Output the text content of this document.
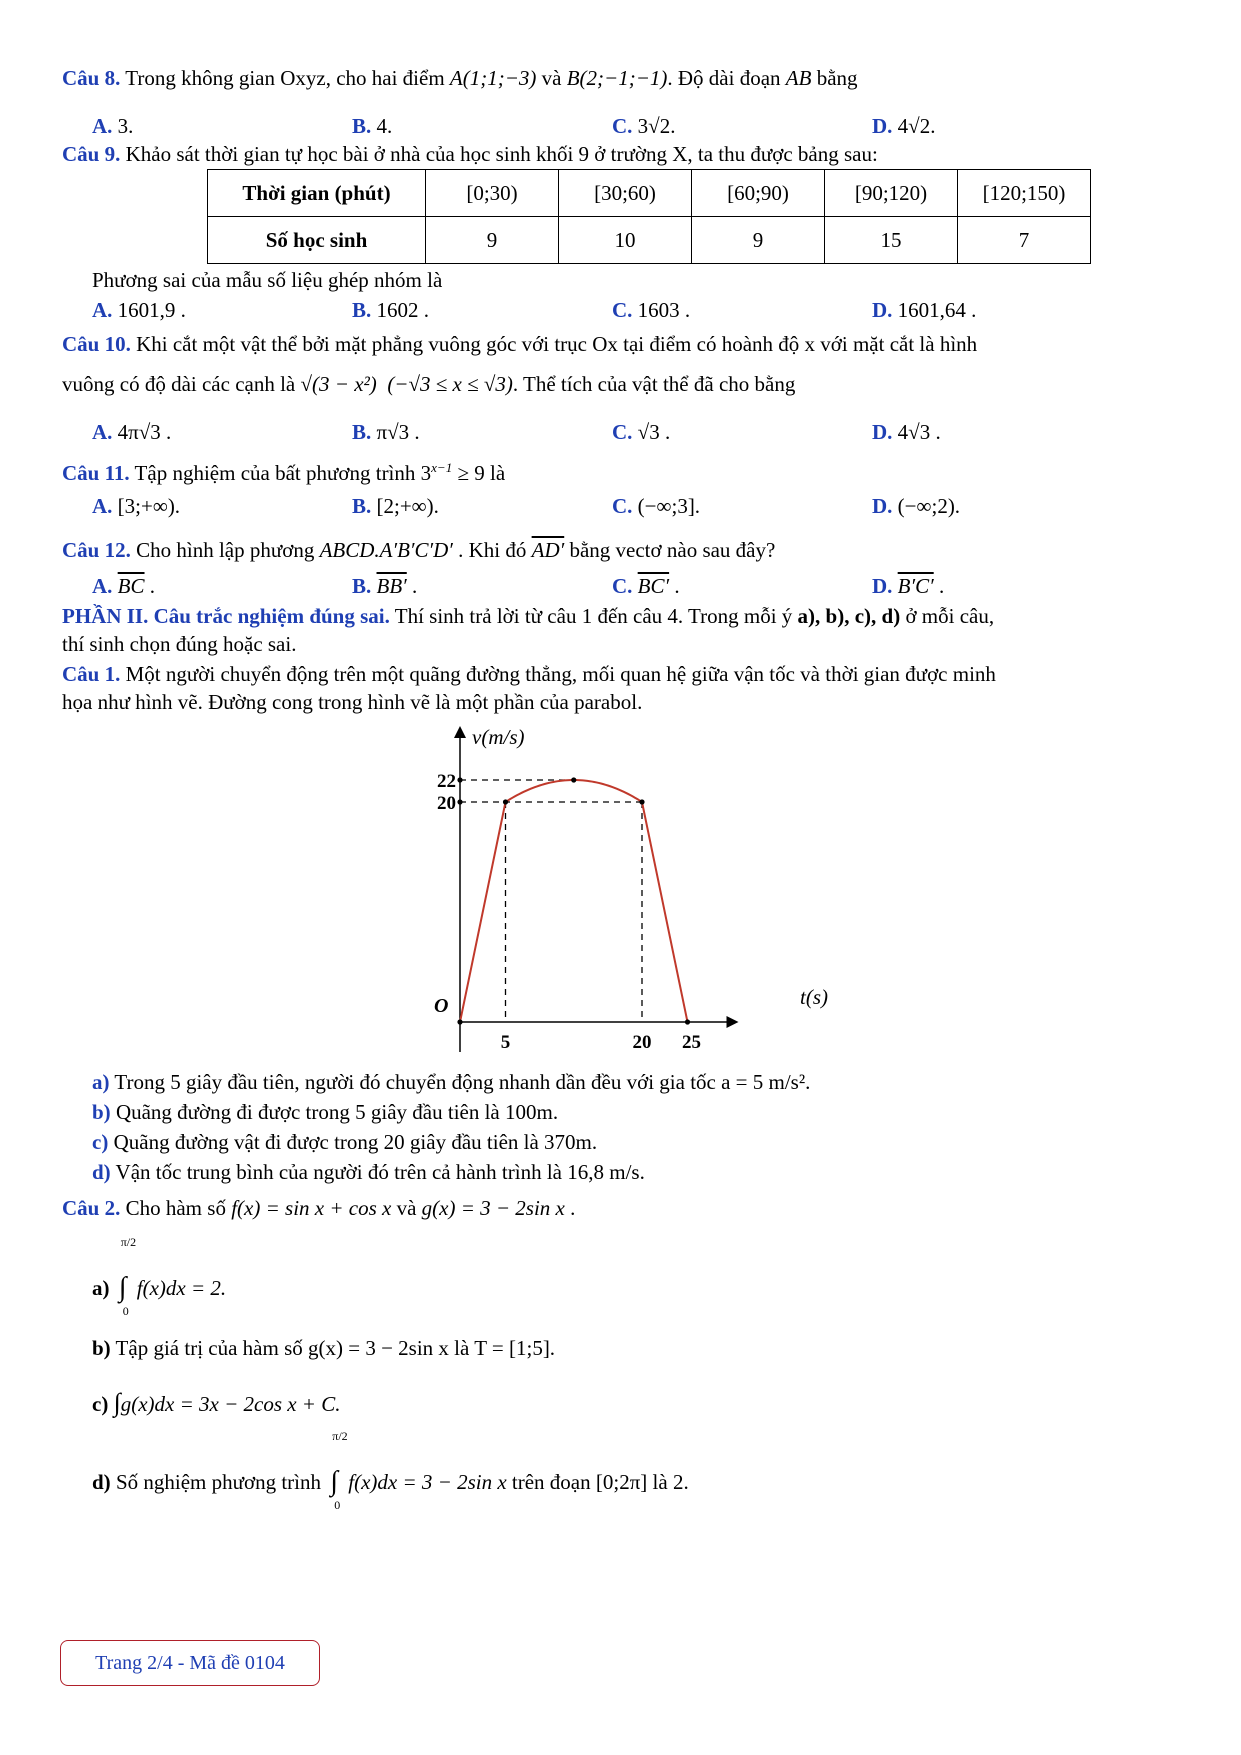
Câu 8. Trong không gian Oxyz, cho hai điểm A(1;1;−3) và B(2;−1;−1). Độ dài đoạn AB bằng
A. 3.	B. 4.	C. 3√2.	D. 4√2.
Câu 9. Khảo sát thời gian tự học bài ở nhà của học sinh khối 9 ở trường X, ta thu được bảng sau:
Thời gian (phút)	[0;30)	[30;60)	[60;90)	[90;120)	[120;150)
Số học sinh	9	10	9	15	7
Phương sai của mẫu số liệu ghép nhóm là
A. 1601,9 .	B. 1602 .	C. 1603 .	D. 1601,64 .
Câu 10. Khi cắt một vật thể bởi mặt phẳng vuông góc với trục Ox tại điểm có hoành độ x với mặt cắt là hình
vuông có độ dài các cạnh là √(3 − x²) (−√3 ≤ x ≤ √3). Thể tích của vật thể đã cho bằng
A. 4π√3 .	B. π√3 .	C. √3 .	D. 4√3 .
Câu 11. Tập nghiệm của bất phương trình $3^{x-1} \ge 9$ là
A. [3;+∞).	B. [2;+∞).	C. (−∞;3].	D. (−∞;2).
Câu 12. Cho hình lập phương ABCD.A′B′C′D′ . Khi đó AD′ bằng vectơ nào sau đây?
A. $\overline{BC}$ .	B. BB′ .	C. BC′ .	D. B′C′ .
PHẦN II. Câu trắc nghiệm đúng sai. Thí sinh trả lời từ câu 1 đến câu 4. Trong mỗi ý a), b), c), d) ở mỗi câu,
thí sinh chọn đúng hoặc sai.
Câu 1. Một người chuyển động trên một quãng đường thẳng, mối quan hệ giữa vận tốc và thời gian được minh
họa như hình vẽ. Đường cong trong hình vẽ là một phần của parabol.
v(m/s)
t(s)
O
5	20 25
20
22
a) Trong 5 giây đầu tiên, người đó chuyển động nhanh dần đều với gia tốc a = 5 m/s².
b) Quãng đường đi được trong 5 giây đầu tiên là 100m.
c) Quãng đường vật đi được trong 20 giây đầu tiên là 370m.
d) Vận tốc trung bình của người đó trên cả hành trình là 16,8 m/s.
Câu 2. Cho hàm số f(x) = sin x + cos x và g(x) = 3 − 2sin x .
a) ∫
π/2
0
f(x)dx = 2.
b) Tập giá trị của hàm số g(x) = 3 − 2sin x là T = [1;5].
c) ∫g(x)dx = 3x − 2cos x + C.
d) Số nghiệm phương trình ∫
π/2
0
f(x)dx = 3 − 2sin x trên đoạn [0;2π] là 2.
Trang 2/4 - Mã đề 0104
